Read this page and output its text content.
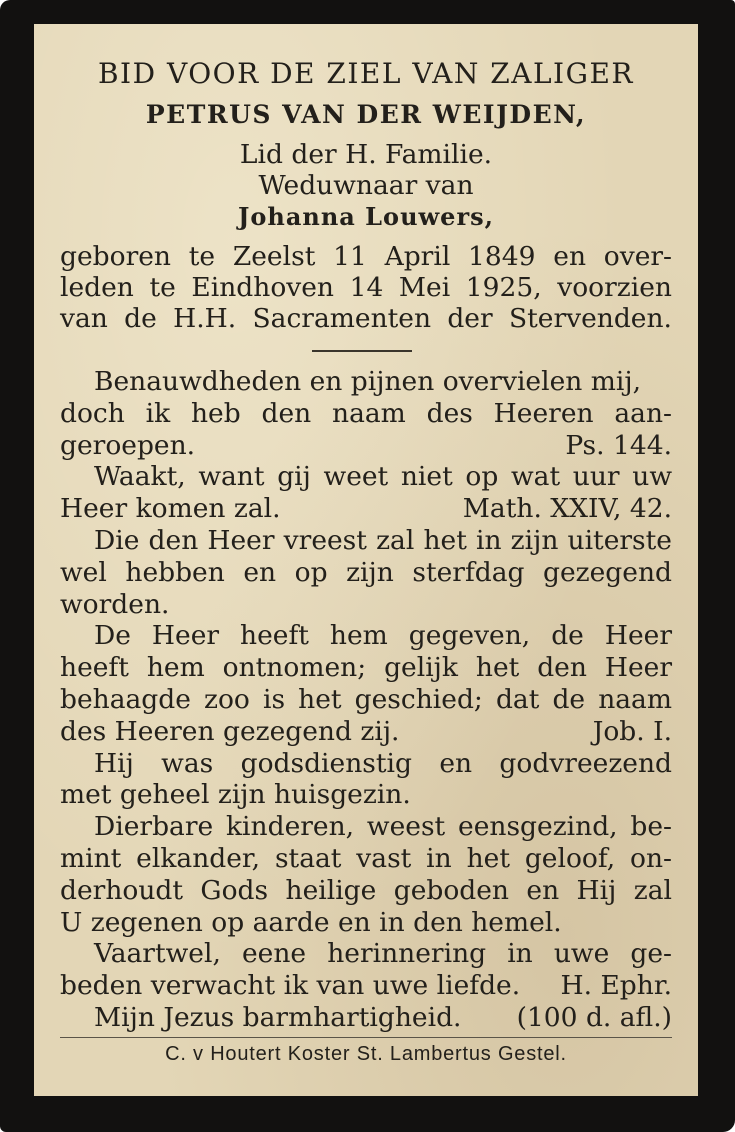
BID VOOR DE ZIEL VAN ZALIGER
PETRUS VAN DER WEIJDEN,
Lid der H. Familie.
Weduwnaar van
Johanna Louwers,
geboren te Zeelst 11 April 1849 en over-
leden te Eindhoven 14 Mei 1925, voorzien
van de H.H. Sacramenten der Stervenden.
Benauwdheden en pijnen overvielen mij,
doch ik heb den naam des Heeren aan-
geroepen.	Ps. 144.
Waakt, want gij weet niet op wat uur uw
Heer komen zal.	Math. XXIV, 42.
Die den Heer vreest zal het in zijn uiterste
wel hebben en op zijn sterfdag gezegend
worden.
De Heer heeft hem gegeven, de Heer
heeft hem ontnomen; gelijk het den Heer
behaagde zoo is het geschied; dat de naam
des Heeren gezegend zij.	Job. I.
Hij was godsdienstig en godvreezend
met geheel zijn huisgezin.
Dierbare kinderen, weest eensgezind, be-
mint elkander, staat vast in het geloof, on-
derhoudt Gods heilige geboden en Hij zal
U zegenen op aarde en in den hemel.
Vaartwel, eene herinnering in uwe ge-
beden verwacht ik van uwe liefde. H. Ephr.
Mijn Jezus barmhartigheid. (100 d. afl.)
C. v Houtert Koster St. Lambertus Gestel.
